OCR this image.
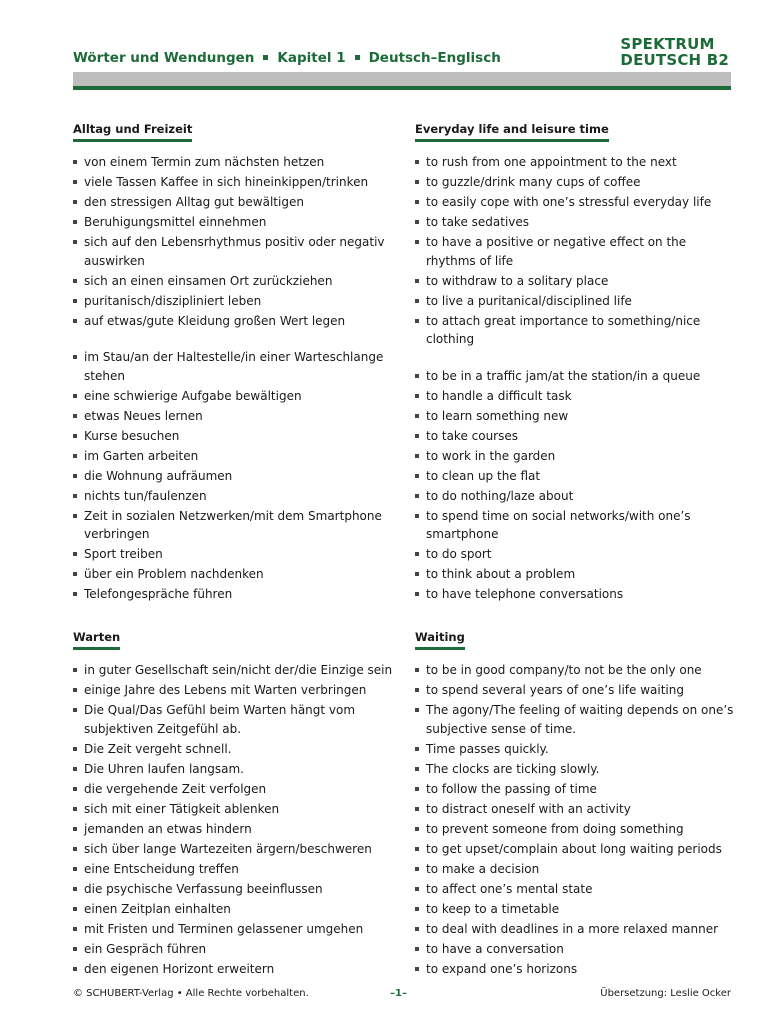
Wörter und Wendungen Kapitel 1 Deutsch–Englisch
SPEKTRUM
DEUTSCH B2
Alltag und Freizeit
von einem Termin zum nächsten hetzen
viele Tassen Kaffee in sich hineinkippen/trinken
den stressigen Alltag gut bewältigen
Beruhigungsmittel einnehmen
sich auf den Lebensrhythmus positiv oder negativ auswirken
sich an einen einsamen Ort zurückziehen
puritanisch/diszipliniert leben
auf etwas/gute Kleidung großen Wert legen
im Stau/an der Haltestelle/in einer Warteschlange stehen
eine schwierige Aufgabe bewältigen
etwas Neues lernen
Kurse besuchen
im Garten arbeiten
die Wohnung aufräumen
nichts tun/faulenzen
Zeit in sozialen Netzwerken/mit dem Smartphone verbringen
Sport treiben
über ein Problem nachdenken
Telefongespräche führen
Warten
in guter Gesellschaft sein/nicht der/die Einzige sein
einige Jahre des Lebens mit Warten verbringen
Die Qual/Das Gefühl beim Warten hängt vom subjektiven Zeitgefühl ab.
Die Zeit vergeht schnell.
Die Uhren laufen langsam.
die vergehende Zeit verfolgen
sich mit einer Tätigkeit ablenken
jemanden an etwas hindern
sich über lange Wartezeiten ärgern/beschweren
eine Entscheidung treffen
die psychische Verfassung beeinflussen
einen Zeitplan einhalten
mit Fristen und Terminen gelassener umgehen
ein Gespräch führen
den eigenen Horizont erweitern
Everyday life and leisure time
to rush from one appointment to the next
to guzzle/drink many cups of coffee
to easily cope with one’s stressful everyday life
to take sedatives
to have a positive or negative effect on the rhythms of life
to withdraw to a solitary place
to live a puritanical/disciplined life
to attach great importance to something/nice clothing
to be in a traffic jam/at the station/in a queue
to handle a difficult task
to learn something new
to take courses
to work in the garden
to clean up the flat
to do nothing/laze about
to spend time on social networks/with one’s smartphone
to do sport
to think about a problem
to have telephone conversations
Waiting
to be in good company/to not be the only one
to spend several years of one’s life waiting
The agony/The feeling of waiting depends on one’s subjective sense of time.
Time passes quickly.
The clocks are ticking slowly.
to follow the passing of time
to distract oneself with an activity
to prevent someone from doing something
to get upset/complain about long waiting periods
to make a decision
to affect one’s mental state
to keep to a timetable
to deal with deadlines in a more relaxed manner
to have a conversation
to expand one’s horizons
© SCHUBERT-Verlag • Alle Rechte vorbehalten.	–1–	Übersetzung: Leslie Ocker
